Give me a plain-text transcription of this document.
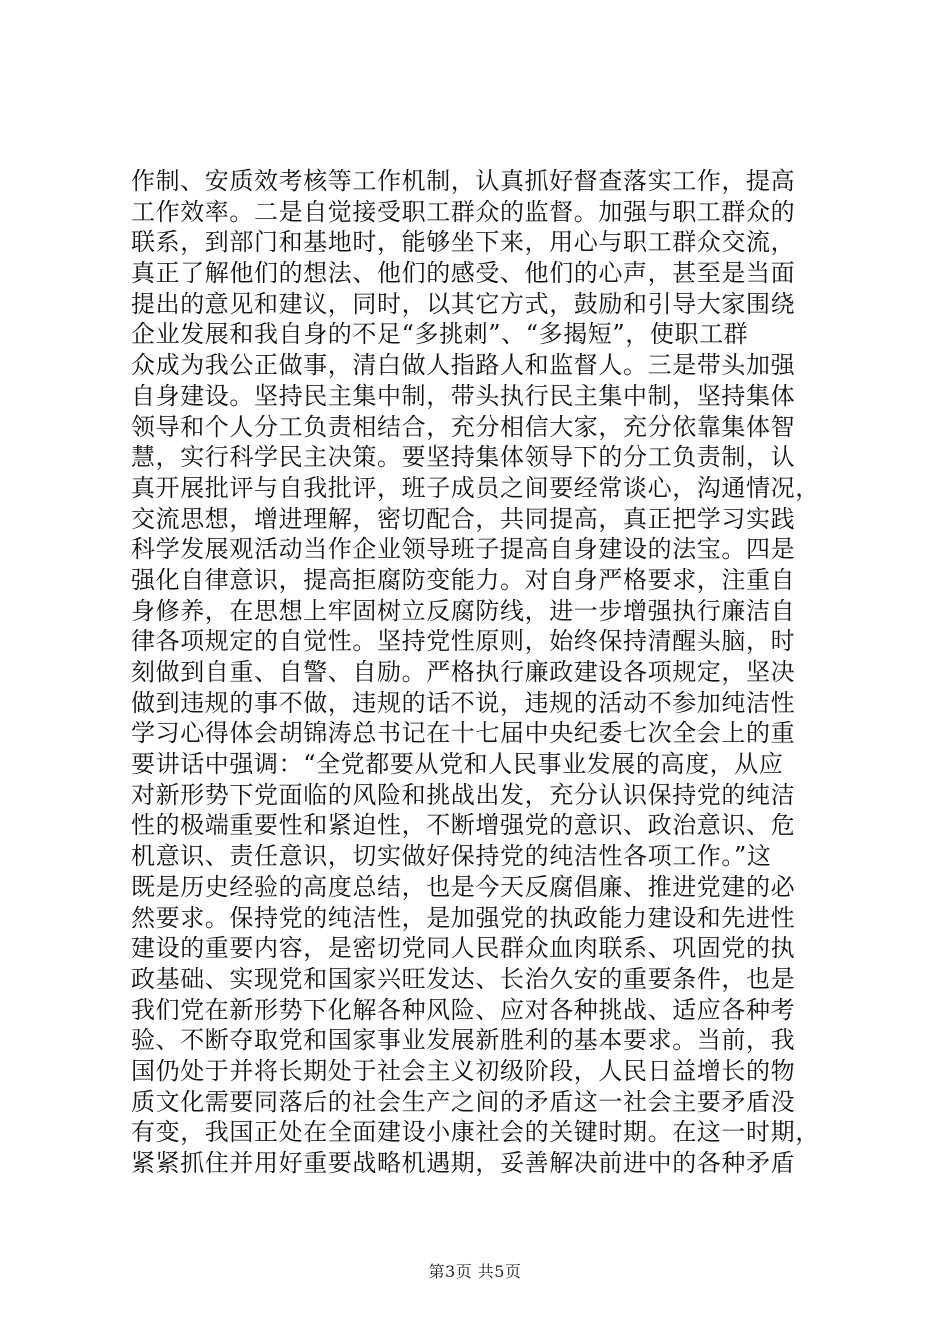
作制、安质效考核等工作机制，认真抓好督查落实工作，提高
工作效率。二是自觉接受职工群众的监督。加强与职工群众的
联系，到部门和基地时，能够坐下来，用心与职工群众交流，
真正了解他们的想法、他们的感受、他们的心声，甚至是当面
提出的意见和建议，同时，以其它方式，鼓励和引导大家围绕
企业发展和我自身的不足“多挑刺”、“多揭短”，使职工群
众成为我公正做事，清白做人指路人和监督人。三是带头加强
自身建设。坚持民主集中制，带头执行民主集中制，坚持集体
领导和个人分工负责相结合，充分相信大家，充分依靠集体智
慧，实行科学民主决策。要坚持集体领导下的分工负责制，认
真开展批评与自我批评，班子成员之间要经常谈心，沟通情况，
交流思想，增进理解，密切配合，共同提高，真正把学习实践
科学发展观活动当作企业领导班子提高自身建设的法宝。四是
强化自律意识，提高拒腐防变能力。对自身严格要求，注重自
身修养，在思想上牢固树立反腐防线，进一步增强执行廉洁自
律各项规定的自觉性。坚持党性原则，始终保持清醒头脑，时
刻做到自重、自警、自励。严格执行廉政建设各项规定，坚决
做到违规的事不做，违规的话不说，违规的活动不参加纯洁性
学习心得体会胡锦涛总书记在十七届中央纪委七次全会上的重
要讲话中强调：“全党都要从党和人民事业发展的高度，从应
对新形势下党面临的风险和挑战出发，充分认识保持党的纯洁
性的极端重要性和紧迫性，不断增强党的意识、政治意识、危
机意识、责任意识，切实做好保持党的纯洁性各项工作。”这
既是历史经验的高度总结，也是今天反腐倡廉、推进党建的必
然要求。保持党的纯洁性，是加强党的执政能力建设和先进性
建设的重要内容，是密切党同人民群众血肉联系、巩固党的执
政基础、实现党和国家兴旺发达、长治久安的重要条件，也是
我们党在新形势下化解各种风险、应对各种挑战、适应各种考
验、不断夺取党和国家事业发展新胜利的基本要求。当前，我
国仍处于并将长期处于社会主义初级阶段，人民日益增长的物
质文化需要同落后的社会生产之间的矛盾这一社会主要矛盾没
有变，我国正处在全面建设小康社会的关键时期。在这一时期，
紧紧抓住并用好重要战略机遇期，妥善解决前进中的各种矛盾
第3页 共5页
